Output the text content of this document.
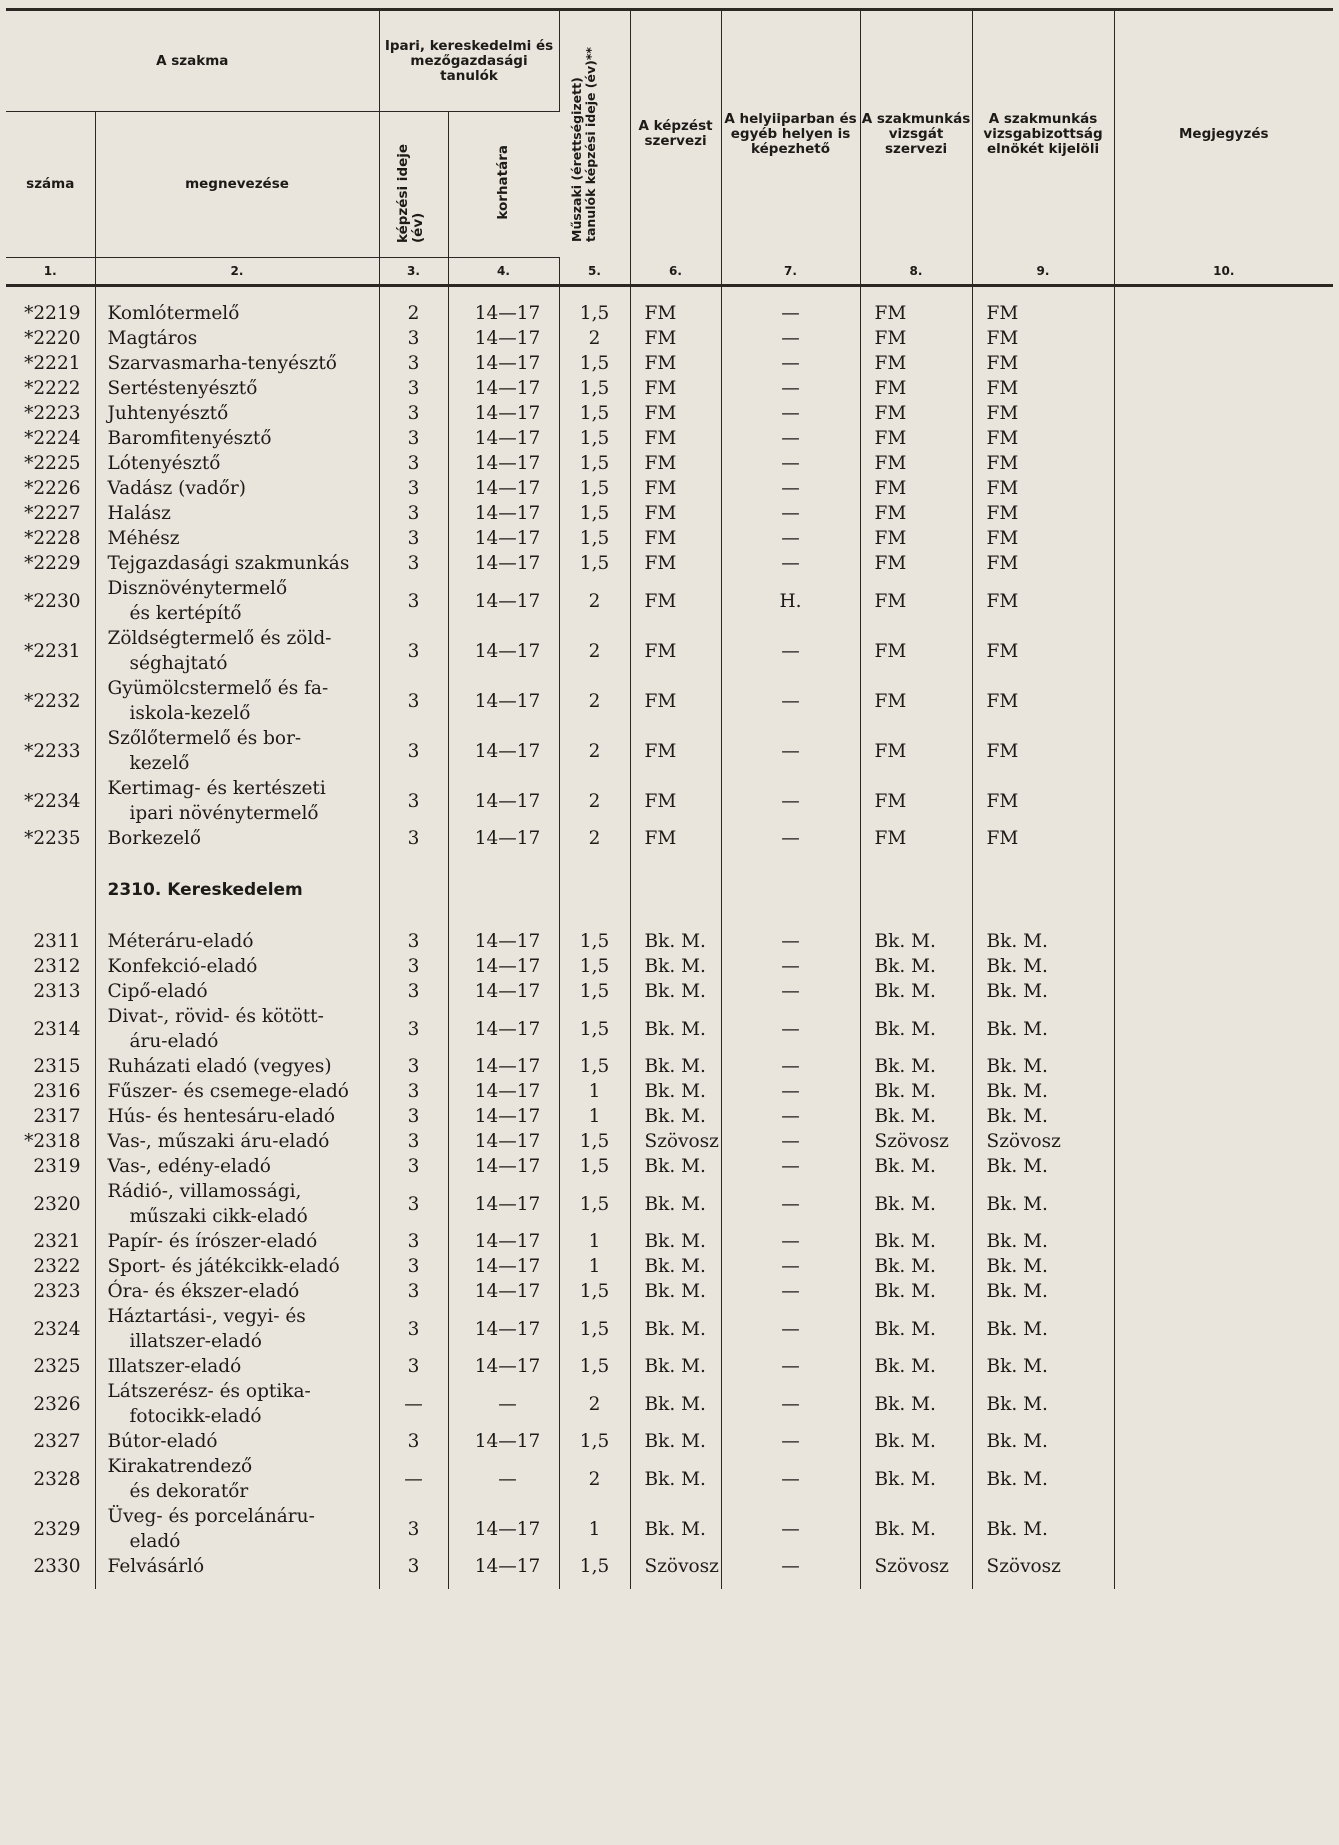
A szakma		Ipari, kereskedelmi és mezőgazdasági tanulók		Műszaki (érettségizett) tanulók képzési ideje (év)**	A képzést szervezi	A helyiiparban és egyéb helyen is képezhető	A szakmunkás vizsgát szervezi	A szakmunkás vizsgabizottság elnökét kijelöli	Megjegyzés
száma	megnevezése	képzési ideje (év)	korhatára						
1.	2.	3.	4.	5.	6.	7.	8.	9.	10.

*2219	Komlótermelő	2	14—17	1,5	FM	—	FM	FM	
*2220	Magtáros	3	14—17	2	FM	—	FM	FM	
*2221	Szarvasmarha-tenyésztő	3	14—17	1,5	FM	—	FM	FM	
*2222	Sertéstenyésztő	3	14—17	1,5	FM	—	FM	FM	
*2223	Juhtenyésztő	3	14—17	1,5	FM	—	FM	FM	
*2224	Baromfitenyésztő	3	14—17	1,5	FM	—	FM	FM	
*2225	Lótenyésztő	3	14—17	1,5	FM	—	FM	FM	
*2226	Vadász (vadőr)	3	14—17	1,5	FM	—	FM	FM	
*2227	Halász	3	14—17	1,5	FM	—	FM	FM	
*2228	Méhész	3	14—17	1,5	FM	—	FM	FM	
*2229	Tejgazdasági szakmunkás	3	14—17	1,5	FM	—	FM	FM	
*2230	Disznövénytermelő
és kertépítő	3	14—17	2	FM	H.	FM	FM	
*2231	Zöldségtermelő és zöld-
séghajtató	3	14—17	2	FM	—	FM	FM	
*2232	Gyümölcstermelő és fa-
iskola-kezelő	3	14—17	2	FM	—	FM	FM	
*2233	Szőlőtermelő és bor-
kezelő	3	14—17	2	FM	—	FM	FM	
*2234	Kertimag- és kertészeti
ipari növénytermelő	3	14—17	2	FM	—	FM	FM	
*2235	Borkezelő	3	14—17	2	FM	—	FM	FM	
	2310. Kereskedelem								
2311	Méteráru-eladó	3	14—17	1,5	Bk. M.	—	Bk. M.	Bk. M.	
2312	Konfekció-eladó	3	14—17	1,5	Bk. M.	—	Bk. M.	Bk. M.	
2313	Cipő-eladó	3	14—17	1,5	Bk. M.	—	Bk. M.	Bk. M.	
2314	Divat-, rövid- és kötött-
áru-eladó	3	14—17	1,5	Bk. M.	—	Bk. M.	Bk. M.	
2315	Ruházati eladó (vegyes)	3	14—17	1,5	Bk. M.	—	Bk. M.	Bk. M.	
2316	Fűszer- és csemege-eladó	3	14—17	1	Bk. M.	—	Bk. M.	Bk. M.	
2317	Hús- és hentesáru-eladó	3	14—17	1	Bk. M.	—	Bk. M.	Bk. M.	
*2318	Vas-, műszaki áru-eladó	3	14—17	1,5	Szövosz	—	Szövosz	Szövosz	
2319	Vas-, edény-eladó	3	14—17	1,5	Bk. M.	—	Bk. M.	Bk. M.	
2320	Rádió-, villamossági,
műszaki cikk-eladó	3	14—17	1,5	Bk. M.	—	Bk. M.	Bk. M.	
2321	Papír- és írószer-eladó	3	14—17	1	Bk. M.	—	Bk. M.	Bk. M.	
2322	Sport- és játékcikk-eladó	3	14—17	1	Bk. M.	—	Bk. M.	Bk. M.	
2323	Óra- és ékszer-eladó	3	14—17	1,5	Bk. M.	—	Bk. M.	Bk. M.	
2324	Háztartási-, vegyi- és
illatszer-eladó	3	14—17	1,5	Bk. M.	—	Bk. M.	Bk. M.	
2325	Illatszer-eladó	3	14—17	1,5	Bk. M.	—	Bk. M.	Bk. M.	
2326	Látszerész- és optika-
fotocikk-eladó	—	—	2	Bk. M.	—	Bk. M.	Bk. M.	
2327	Bútor-eladó	3	14—17	1,5	Bk. M.	—	Bk. M.	Bk. M.	
2328	Kirakatrendező
és dekoratőr	—	—	2	Bk. M.	—	Bk. M.	Bk. M.	
2329	Üveg- és porcelánáru-
eladó	3	14—17	1	Bk. M.	—	Bk. M.	Bk. M.	
2330	Felvásárló	3	14—17	1,5	Szövosz	—	Szövosz	Szövosz	
